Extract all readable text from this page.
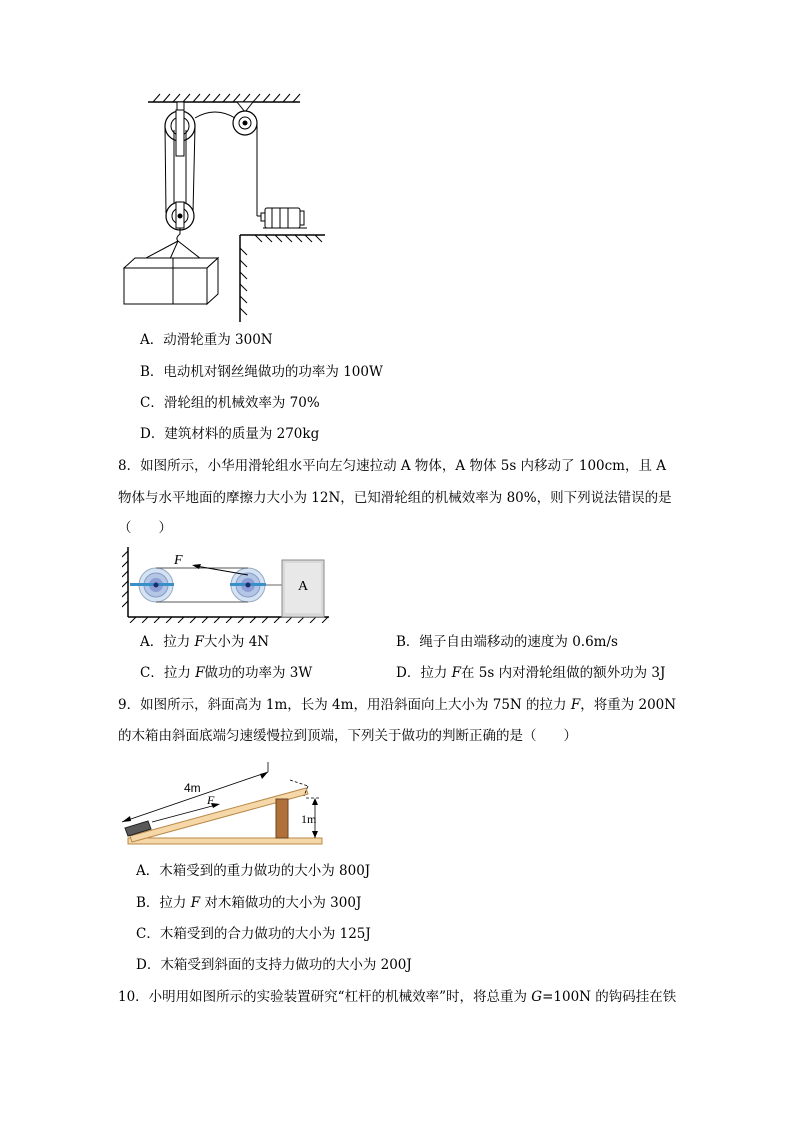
A．动滑轮重为 300N
B．电动机对钢丝绳做功的功率为 100W
C．滑轮组的机械效率为 70%
D．建筑材料的质量为 270kg
8．如图所示，小华用滑轮组水平向左匀速拉动 A 物体，A 物体 5s 内移动了 100cm，且 A
物体与水平地面的摩擦力大小为 12N，已知滑轮组的机械效率为 80%，则下列说法错误的是
（　　）
F
A
A．拉力 F大小为 4N	B．绳子自由端移动的速度为 0.6m/s
C．拉力 F做功的功率为 3W	D．拉力 F在 5s 内对滑轮组做的额外功为 3J
9．如图所示，斜面高为 1m，长为 4m，用沿斜面向上大小为 75N 的拉力 F，将重为 200N
的木箱由斜面底端匀速缓慢拉到顶端，下列关于做功的判断正确的是（　　）
4m
F
1m
A．木箱受到的重力做功的大小为 800J
B．拉力 F 对木箱做功的大小为 300J
C．木箱受到的合力做功的大小为 125J
D．木箱受到斜面的支持力做功的大小为 200J
10．小明用如图所示的实验装置研究“杠杆的机械效率”时，将总重为 G=100N 的钩码挂在铁
